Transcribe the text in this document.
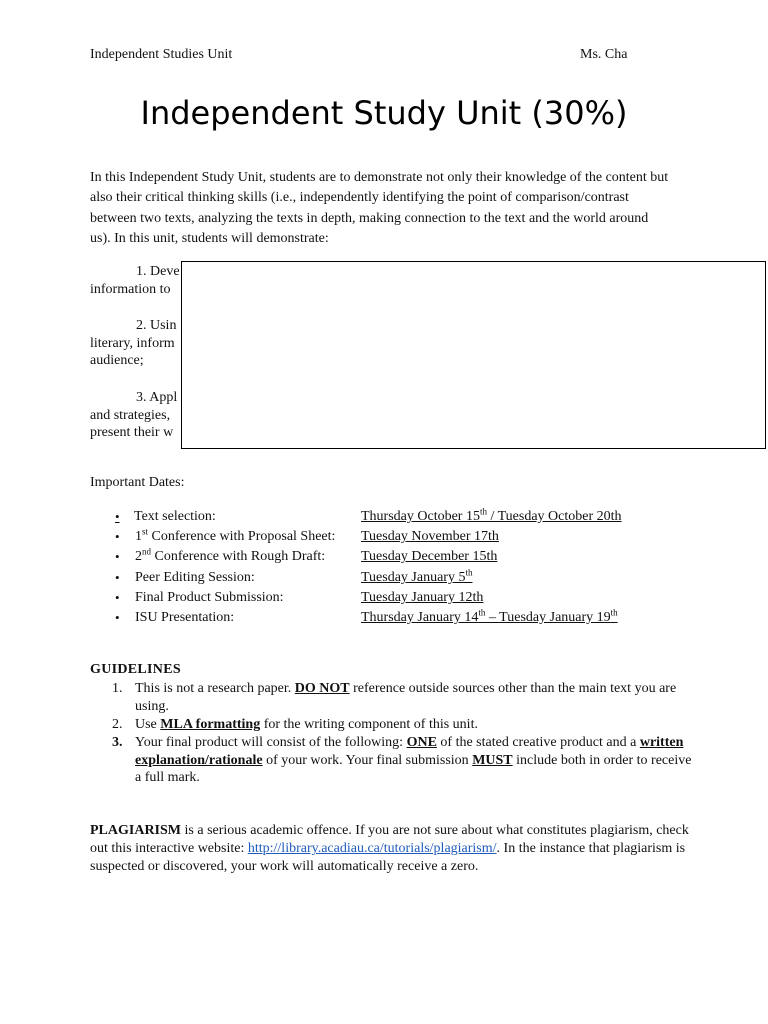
Independent Studies Unit	Ms. Cha
Independent Study Unit (30%)
In this Independent Study Unit, students are to demonstrate not only their knowledge of the content but also their critical thinking skills (i.e., independently identifying the point of comparison/contrast between two texts, analyzing the texts in depth, making connection to the text and the world around us). In this unit, students will demonstrate:
1. Deve
information to
2. Usin
literary, inform
audience;
3. Appl
and strategies,
present their w
Important Dates:
•	Text selection:	Thursday October 15th / Tuesday October 20th
• 1st Conference with Proposal Sheet: Tuesday November 17th
• 2nd Conference with Rough Draft:	Tuesday December 15th
• Peer Editing Session:	Tuesday January 5th
• Final Product Submission:	Tuesday January 12th
• ISU Presentation:	Thursday January 14th – Tuesday January 19th
GUIDELINES
1. This is not a research paper. DO NOT reference outside sources other than the main text you are using.
2. Use MLA formatting for the writing component of this unit.
3. Your final product will consist of the following: ONE of the stated creative product and a written explanation/rationale of your work. Your final submission MUST include both in order to receive a full mark.
PLAGIARISM is a serious academic offence. If you are not sure about what constitutes plagiarism, check out this interactive website: http://library.acadiau.ca/tutorials/plagiarism/. In the instance that plagiarism is suspected or discovered, your work will automatically receive a zero.
